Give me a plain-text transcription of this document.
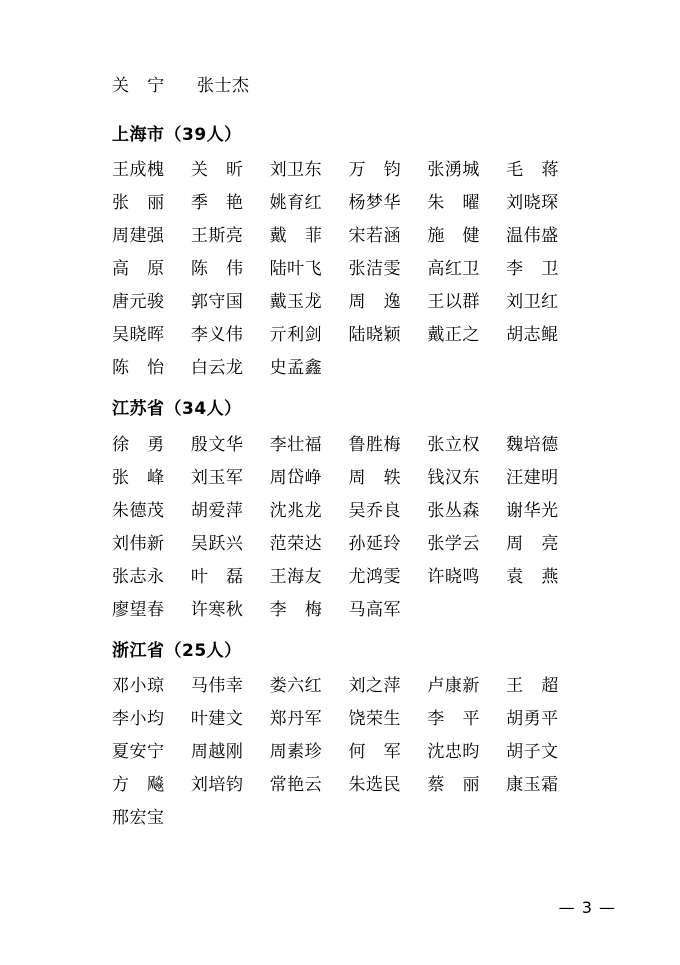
关 宁	张士杰
上海市（39人）
王成槐	关 昕	刘卫东	万 钧	张湧城	毛 蒋
张 丽	季 艳	姚育红	杨梦华	朱 曜	刘晓琛
周建强	王斯亮	戴 菲	宋若涵	施 健	温伟盛
高 原	陈 伟	陆叶飞	张洁雯	高红卫	李 卫
唐元骏	郭守国	戴玉龙	周 逸	王以群	刘卫红
吴晓晖	李义伟	亓利剑	陆晓颖	戴正之	胡志鲲
陈 怡	白云龙	史孟鑫
江苏省（34人）
徐 勇	殷文华	李壮福	鲁胜梅	张立权	魏培德
张 峰	刘玉军	周岱峥	周 轶	钱汉东	汪建明
朱德茂	胡爱萍	沈兆龙	吴乔良	张丛森	谢华光
刘伟新	吴跃兴	范荣达	孙延玲	张学云	周 亮
张志永	叶 磊	王海友	尤鸿雯	许晓鸣	袁 燕
廖望春	许寒秋	李 梅	马高军
浙江省（25人）
邓小琼	马伟幸	娄六红	刘之萍	卢康新	王 超
李小均	叶建文	郑丹军	饶荣生	李 平	胡勇平
夏安宁	周越刚	周素珍	何 军	沈忠昀	胡子文
方 飚	刘培钧	常艳云	朱选民	蔡 丽	康玉霜
邢宏宝
— 3 —
